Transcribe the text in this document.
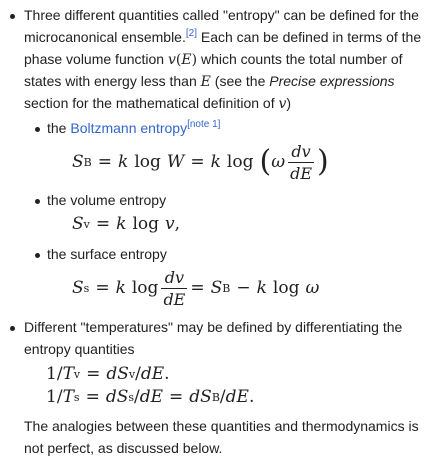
Three different quantities called "entropy" can be defined for the
microcanonical ensemble.[2] Each can be defined in terms of the
phase volume function v(E) which counts the total number of
states with energy less than E (see the Precise expressions
section for the mathematical definition of v)
the Boltzmann entropy[note 1]
S B = k log W = k log ( ω $\frac{dv}{dE}$ )
the volume entropy
S v = k log v ,
the surface entropy
S s = k $\log \frac{dv}{dE} = S$ B − k log ω
Different "temperatures" may be defined by differentiating the
entropy quantities
1 / T v = dS v / dE .
1 / T s = dS s / dE = dS B / dE .
The analogies between these quantities and thermodynamics is
not perfect, as discussed below.
